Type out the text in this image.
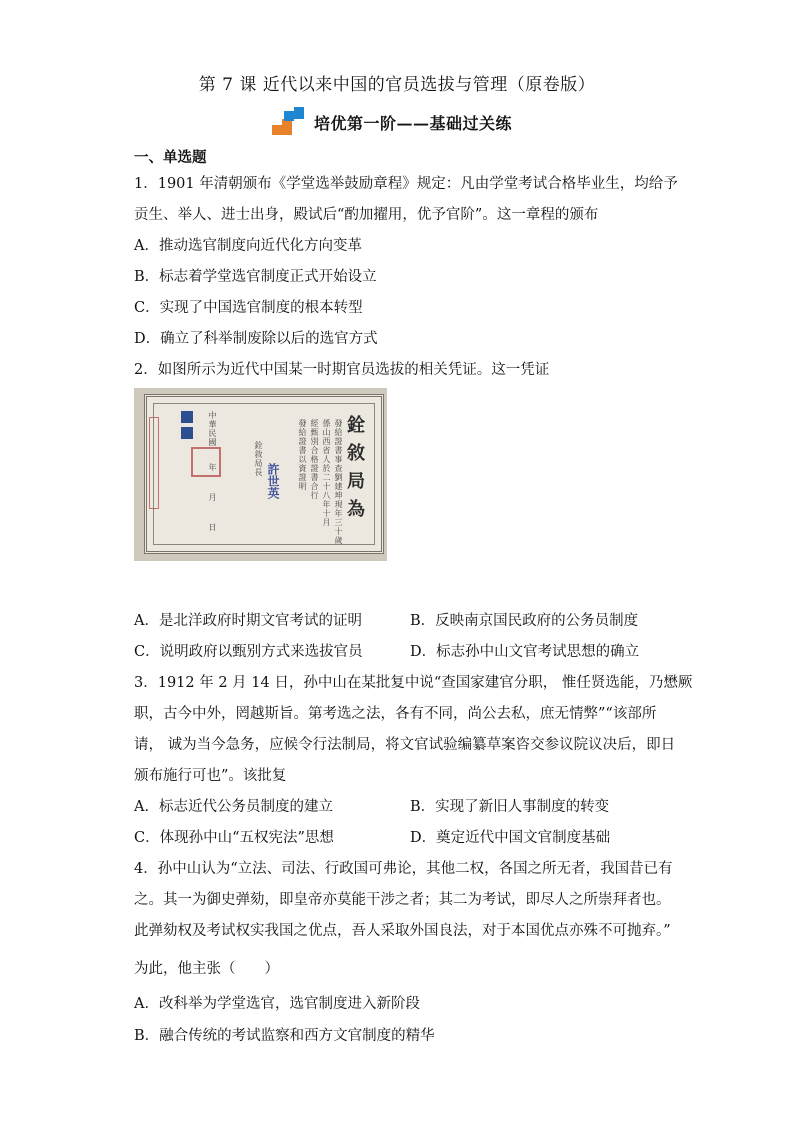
第 7 课 近代以来中国的官员选拔与管理（原卷版）
培优第一阶——基础过关练
一、单选题
1．1901 年清朝颁布《学堂选举鼓励章程》规定：凡由学堂考试合格毕业生，均给予
贡生、举人、进士出身，殿试后“酌加擢用，优予官阶”。这一章程的颁布
A．推动选官制度向近代化方向变革
B．标志着学堂选官制度正式开始设立
C．实现了中国选官制度的根本转型
D．确立了科举制废除以后的选官方式
2．如图所示为近代中国某一时期官员选拔的相关凭证。这一凭证
銓敘局為
發給證書事查劉建坤現年三十歲
係山西省人於二十八年十月
經甄別合格證書合行
發給證書以資證明
銓敘局長
許世英
中華民國
年
月
日
A．是北洋政府时期文官考试的证明	B．反映南京国民政府的公务员制度
C．说明政府以甄别方式来选拔官员	D．标志孙中山文官考试思想的确立
3．1912 年 2 月 14 日，孙中山在某批复中说“查国家建官分职， 惟任贤选能，乃懋厥
职，古今中外，罔越斯旨。第考选之法，各有不同，尚公去私，庶无情弊”“该部所
请， 诚为当今急务，应候令行法制局，将文官试验编纂草案咨交参议院议决后，即日
颁布施行可也”。该批复
A．标志近代公务员制度的建立	B．实现了新旧人事制度的转变
C．体现孙中山“五权宪法”思想	D．奠定近代中国文官制度基础
4．孙中山认为“立法、司法、行政国可弗论，其他二权，各国之所无者，我国昔已有
之。其一为御史弹劾，即皇帝亦莫能干涉之者；其二为考试，即尽人之所崇拜者也。
此弹劾权及考试权实我国之优点，吾人采取外国良法，对于本国优点亦殊不可抛弃。”
为此，他主张（　　）
A．改科举为学堂选官，选官制度进入新阶段
B．融合传统的考试监察和西方文官制度的精华
